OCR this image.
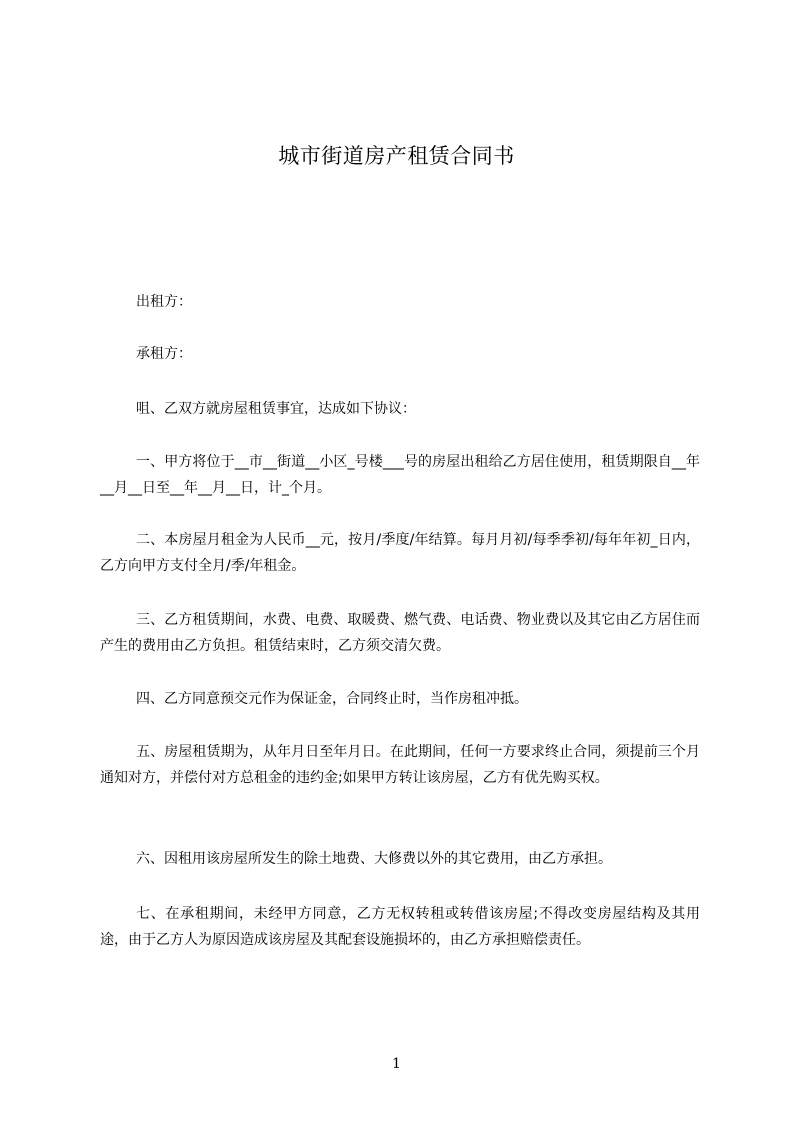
城市街道房产租赁合同书
出租方：
承租方：
咀、乙双方就房屋租赁事宜，达成如下协议：
一、甲方将位于__市__街道__小区_号楼___号的房屋出租给乙方居住使用，租赁期限自__年__月__日至__年__月__日，计_个月。
二、本房屋月租金为人民币__元，按月/季度/年结算。每月月初/每季季初/每年年初_日内，乙方向甲方支付全月/季/年租金。
三、乙方租赁期间，水费、电费、取暖费、燃气费、电话费、物业费以及其它由乙方居住而产生的费用由乙方负担。租赁结束时，乙方须交清欠费。
四、乙方同意预交元作为保证金，合同终止时，当作房租冲抵。
五、房屋租赁期为，从年月日至年月日。在此期间，任何一方要求终止合同，须提前三个月通知对方，并偿付对方总租金的违约金;如果甲方转让该房屋，乙方有优先购买权。
六、因租用该房屋所发生的除土地费、大修费以外的其它费用，由乙方承担。
七、在承租期间，未经甲方同意，乙方无权转租或转借该房屋;不得改变房屋结构及其用途，由于乙方人为原因造成该房屋及其配套设施损坏的，由乙方承担赔偿责任。
1
